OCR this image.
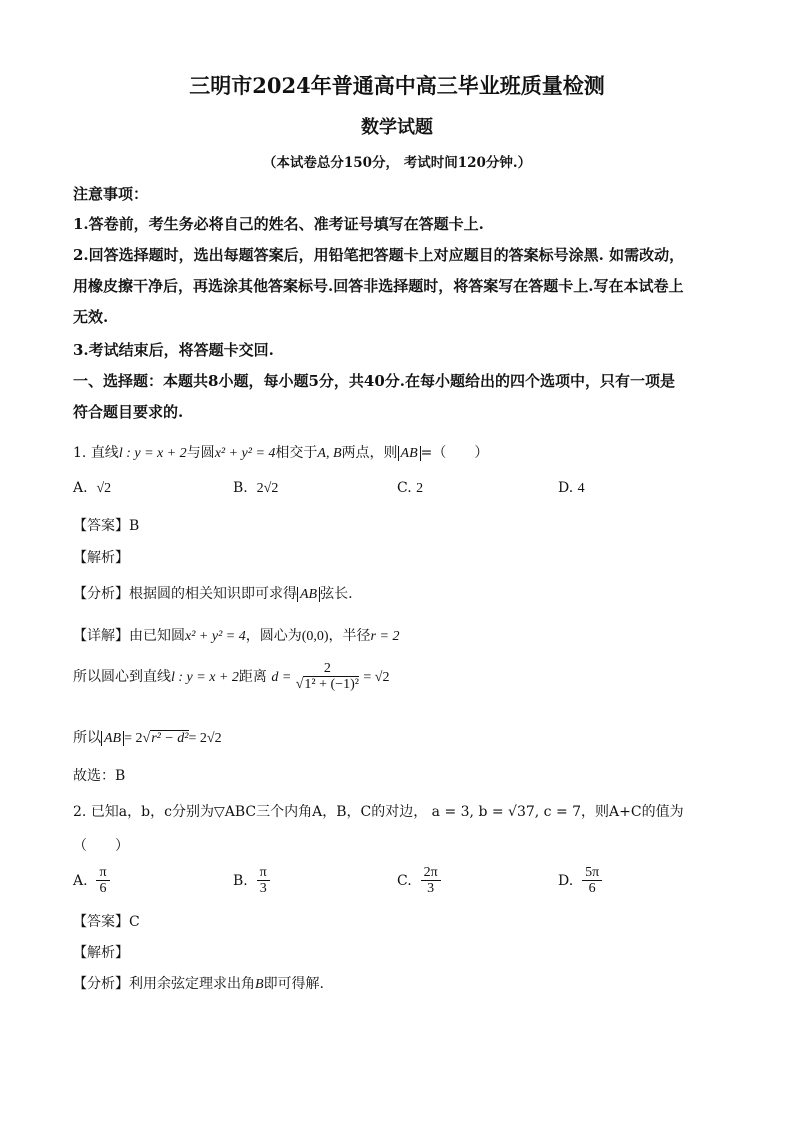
三明市2024年普通高中高三毕业班质量检测
数学试题
（本试卷总分150分， 考试时间120分钟.）
注意事项：
1.答卷前，考生务必将自己的姓名、准考证号填写在答题卡上.
2.回答选择题时，选出每题答案后，用铅笔把答题卡上对应题目的答案标号涂黑. 如需改动，
用橡皮擦干净后，再选涂其他答案标号.回答非选择题时，将答案写在答题卡上.写在本试卷上
无效.
3.考试结束后，将答题卡交回.
一、选择题：本题共8小题，每小题5分，共40分.在每小题给出的四个选项中，只有一项是
符合题目要求的.
1. 直线l : y = x + 2与圆x² + y² = 4相交于A, B两点，则 AB =（　　）
A. √2	B. 2√2	C. 2	D. 4
【答案】B
【解析】
【分析】根据圆的相关知识即可求得 AB 弦长.
【详解】由已知圆x² + y² = 4，圆心为(0,0)，半径r = 2
所以圆心到直线l : y = x + 2距离 $d = \frac{2}{\text{√1² + (−1)²}} = √2$
所以 AB = 2√r² − d²= 2√2
故选：B
2. 已知a，b，c分别为▽ABC三个内角A，B，C的对边， a = 3, b = √37, c = 7，则A+C的值为
（　　）
A. $\frac{\pi}{6}$	B. $\frac{\pi}{3}$	C. $\frac{2\pi}{3}$	D. $\frac{5\pi}{6}$
【答案】C
【解析】
【分析】利用余弦定理求出角B即可得解.
